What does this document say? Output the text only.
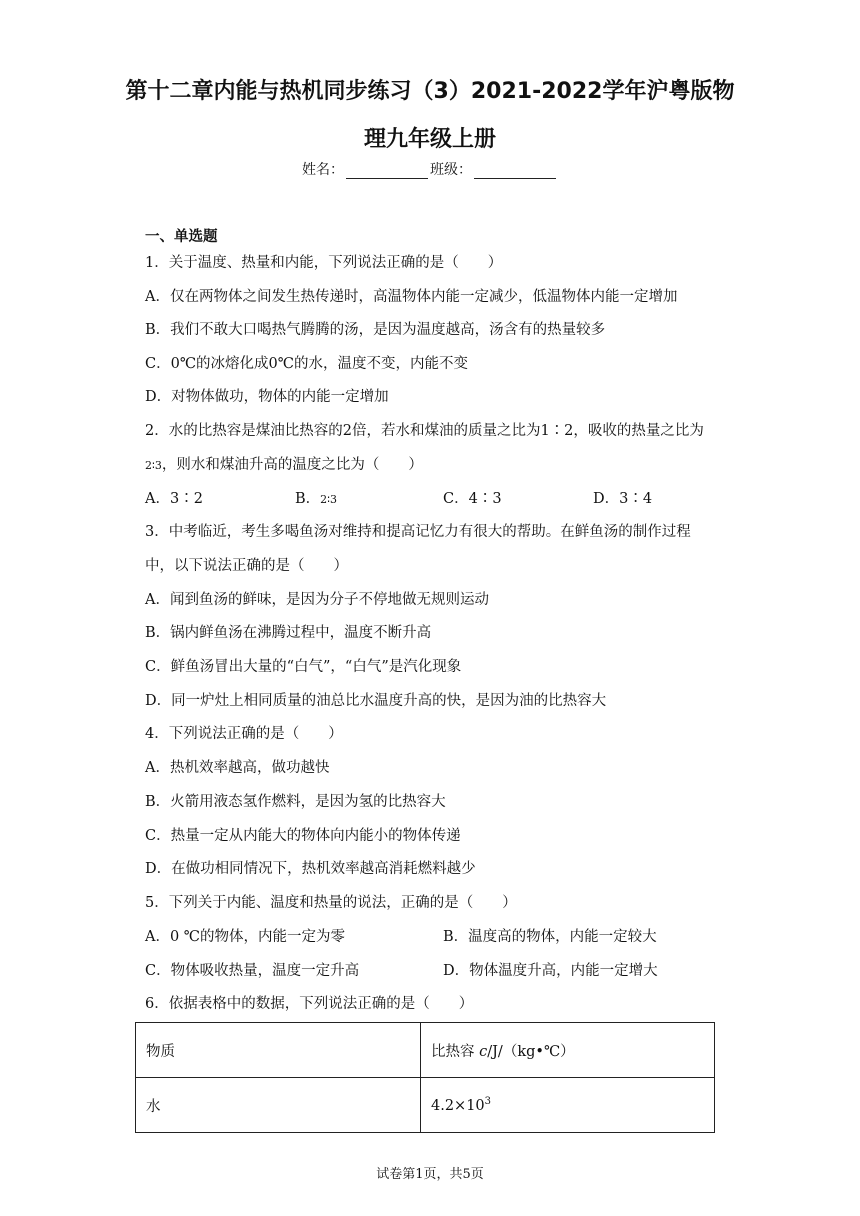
第十二章内能与热机同步练习（3）2021-2022学年沪粤版物
理九年级上册
姓名：	班级：
一、单选题
1．关于温度、热量和内能，下列说法正确的是（　　）
A．仅在两物体之间发生热传递时，高温物体内能一定减少，低温物体内能一定增加
B．我们不敢大口喝热气腾腾的汤，是因为温度越高，汤含有的热量较多
C．0℃的冰熔化成0℃的水，温度不变，内能不变
D．对物体做功，物体的内能一定增加
2．水的比热容是煤油比热容的2倍，若水和煤油的质量之比为1∶2，吸收的热量之比为
2∶3，则水和煤油升高的温度之比为（　　）
A．3∶2	B．2∶3	C．4∶3	D．3∶4
3．中考临近，考生多喝鱼汤对维持和提高记忆力有很大的帮助。在鲜鱼汤的制作过程
中，以下说法正确的是（　　）
A．闻到鱼汤的鲜味，是因为分子不停地做无规则运动
B．锅内鲜鱼汤在沸腾过程中，温度不断升高
C．鲜鱼汤冒出大量的“白气”，“白气”是汽化现象
D．同一炉灶上相同质量的油总比水温度升高的快，是因为油的比热容大
4．下列说法正确的是（　　）
A．热机效率越高，做功越快
B．火箭用液态氢作燃料，是因为氢的比热容大
C．热量一定从内能大的物体向内能小的物体传递
D．在做功相同情况下，热机效率越高消耗燃料越少
5．下列关于内能、温度和热量的说法，正确的是（　　）
A．0 ℃的物体，内能一定为零	B．温度高的物体，内能一定较大
C．物体吸收热量，温度一定升高	D．物体温度升高，内能一定增大
6．依据表格中的数据，下列说法正确的是（　　）
物质	比热容 c/J/（kg•℃）
水	$4.2\times 10^3$
试卷第1页，共5页
